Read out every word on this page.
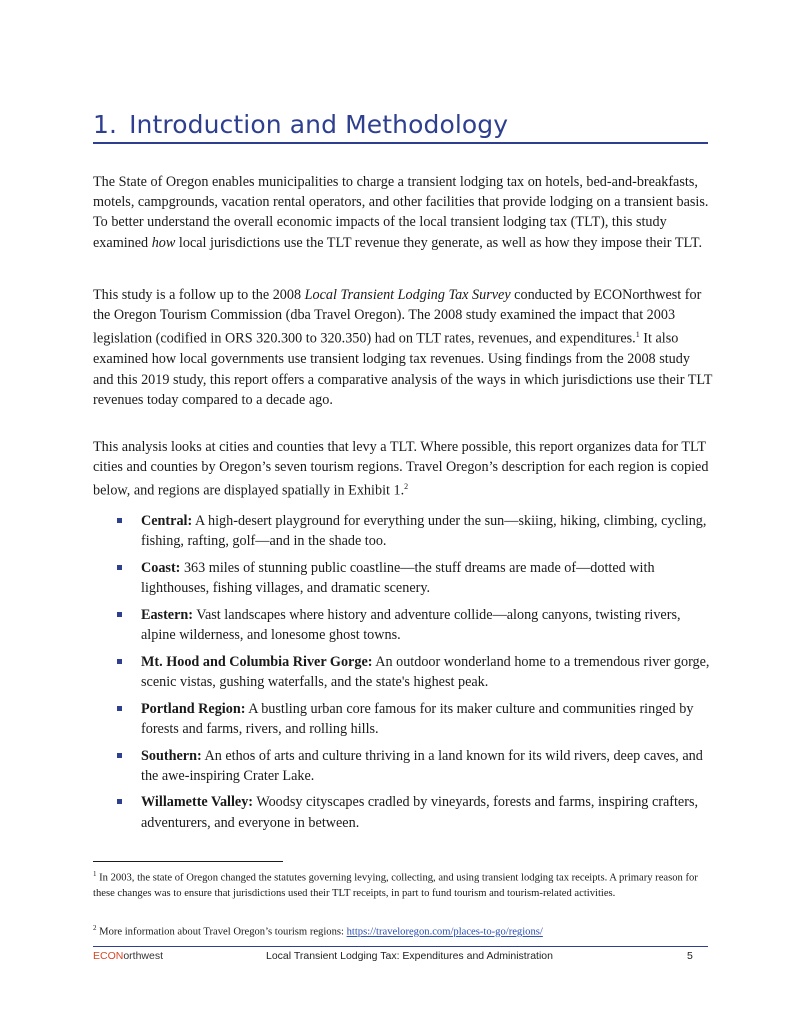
1. Introduction and Methodology

The State of Oregon enables municipalities to charge a transient lodging tax on hotels, bed-and-breakfasts, motels, campgrounds, vacation rental operators, and other facilities that provide lodging on a transient basis. To better understand the overall economic impacts of the local transient lodging tax (TLT), this study examined how local jurisdictions use the TLT revenue they generate, as well as how they impose their TLT.

This study is a follow up to the 2008 Local Transient Lodging Tax Survey conducted by ECONorthwest for the Oregon Tourism Commission (dba Travel Oregon). The 2008 study examined the impact that 2003 legislation (codified in ORS 320.300 to 320.350) had on TLT rates, revenues, and expenditures.$^1$ It also examined how local governments use transient lodging tax revenues. Using findings from the 2008 study and this 2019 study, this report offers a comparative analysis of the ways in which jurisdictions use their TLT revenues today compared to a decade ago.

This analysis looks at cities and counties that levy a TLT. Where possible, this report organizes data for TLT cities and counties by Oregon’s seven tourism regions. Travel Oregon’s description for each region is copied below, and regions are displayed spatially in Exhibit 1.$^2$

Central: A high-desert playground for everything under the sun—skiing, hiking, climbing, cycling, fishing, rafting, golf—and in the shade too.
Coast: 363 miles of stunning public coastline—the stuff dreams are made of—dotted with lighthouses, fishing villages, and dramatic scenery.
Eastern: Vast landscapes where history and adventure collide—along canyons, twisting rivers, alpine wilderness, and lonesome ghost towns.
Mt. Hood and Columbia River Gorge: An outdoor wonderland home to a tremendous river gorge, scenic vistas, gushing waterfalls, and the state's highest peak.
Portland Region: A bustling urban core famous for its maker culture and communities ringed by forests and farms, rivers, and rolling hills.
Southern: An ethos of arts and culture thriving in a land known for its wild rivers, deep caves, and the awe-inspiring Crater Lake.
Willamette Valley: Woodsy cityscapes cradled by vineyards, forests and farms, inspiring crafters, adventurers, and everyone in between.

$^1$ In 2003, the state of Oregon changed the statutes governing levying, collecting, and using transient lodging tax receipts. A primary reason for these changes was to ensure that jurisdictions used their TLT receipts, in part to fund tourism and tourism-related activities.

$^2$ More information about Travel Oregon’s tourism regions: https://traveloregon.com/places-to-go/regions/

ECONorthwest	Local Transient Lodging Tax: Expenditures and Administration	5
